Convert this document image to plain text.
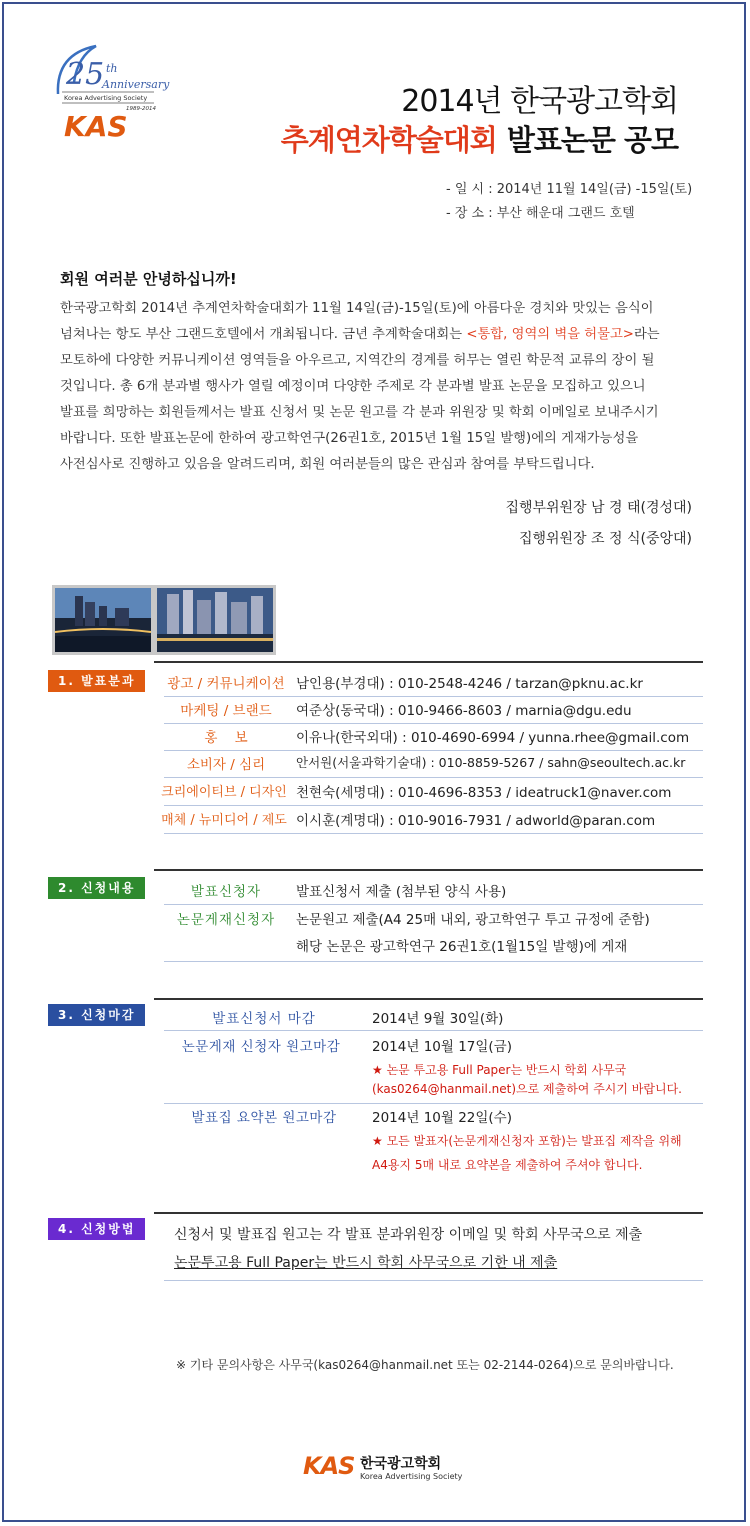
25 th
Anniversary
Korea Advertising Society
1989-2014
KAS
2014년 한국광고학회
추계연차학술대회 발표논문 공모
- 일 시 : 2014년 11월 14일(금) -15일(토)
- 장 소 : 부산 해운대 그랜드 호텔
회원 여러분 안녕하십니까!
한국광고학회 2014년 추계연차학술대회가 11월 14일(금)-15일(토)에 아름다운 경치와 맛있는 음식이
넘쳐나는 항도 부산 그랜드호텔에서 개최됩니다. 금년 추계학술대회는 <통합, 영역의 벽을 허물고>라는
모토하에 다양한 커뮤니케이션 영역들을 아우르고, 지역간의 경계를 허무는 열린 학문적 교류의 장이 될
것입니다. 총 6개 분과별 행사가 열릴 예정이며 다양한 주제로 각 분과별 발표 논문을 모집하고 있으니
발표를 희망하는 회원들께서는 발표 신청서 및 논문 원고를 각 분과 위원장 및 학회 이메일로 보내주시기
바랍니다. 또한 발표논문에 한하여 광고학연구(26권1호, 2015년 1월 15일 발행)에의 게재가능성을
사전심사로 진행하고 있음을 알려드리며, 회원 여러분들의 많은 관심과 참여를 부탁드립니다.
집행부위원장 남 경 태(경성대)
집행위원장 조 정 식(중앙대)
1. 발표분과	광고 / 커뮤니케이션 남인용(부경대) : 010-2548-4246 / tarzan@pknu.ac.kr
마케팅 / 브랜드	여준상(동국대) : 010-9466-8603 / marnia@dgu.edu
홍    보	이유나(한국외대) : 010-4690-6994 / yunna.rhee@gmail.com
소비자 / 심리	안서원(서울과학기술대) : 010-8859-5267 / sahn@seoultech.ac.kr
크리에이티브 / 디자인 천현숙(세명대) : 010-4696-8353 / ideatruck1@naver.com
매체 / 뉴미디어 / 제도 이시훈(계명대) : 010-9016-7931 / adworld@paran.com
2. 신청내용	발표신청자	발표신청서 제출 (첨부된 양식 사용)
논문게재신청자	논문원고 제출(A4 25매 내외, 광고학연구 투고 규정에 준함)
해당 논문은 광고학연구 26권1호(1월15일 발행)에 게재
3. 신청마감	발표신청서 마감	2014년 9월 30일(화)
논문게재 신청자 원고마감	2014년 10월 17일(금)
★ 논문 투고용 Full Paper는 반드시 학회 사무국
(kas0264@hanmail.net)으로 제출하여 주시기 바랍니다.
발표집 요약본 원고마감	2014년 10월 22일(수)
★ 모든 발표자(논문게재신청자 포함)는 발표집 제작을 위해
A4용지 5매 내로 요약본을 제출하여 주셔야 합니다.
4. 신청방법	신청서 및 발표집 원고는 각 발표 분과위원장 이메일 및 학회 사무국으로 제출
논문투고용 Full Paper는 반드시 학회 사무국으로 기한 내 제출
※ 기타 문의사항은 사무국(kas0264@hanmail.net 또는 02-2144-0264)으로 문의바랍니다.
KAS 한국광고학회
Korea Advertising Society
